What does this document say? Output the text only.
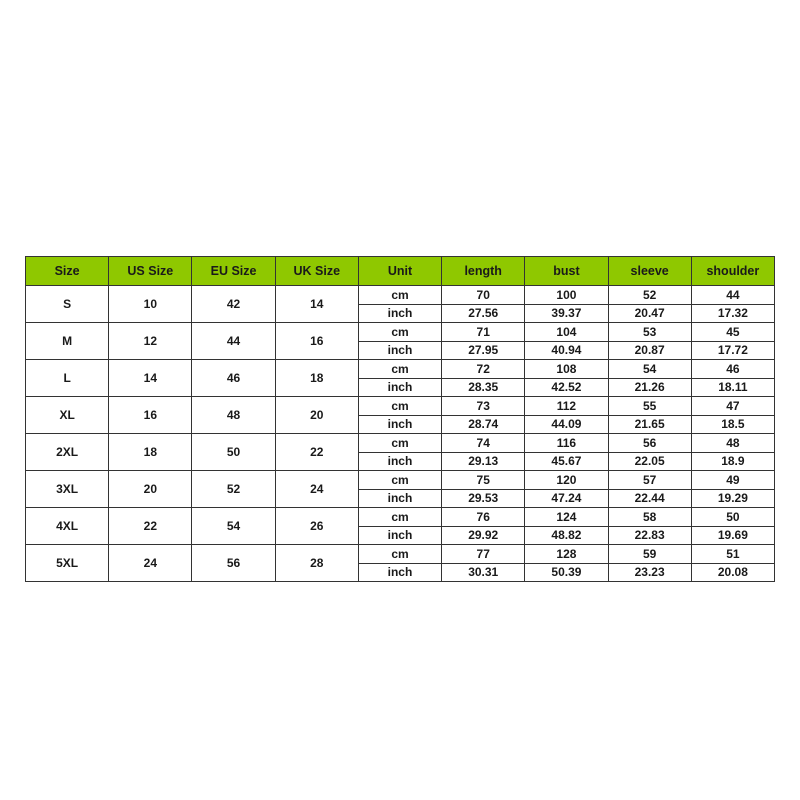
Size	US Size	EU Size	UK Size	Unit	length	bust	sleeve	shoulder
S	10	42	14	cm	70	100	52	44
				inch	27.56	39.37	20.47	17.32
M	12	44	16	cm	71	104	53	45
				inch	27.95	40.94	20.87	17.72
L	14	46	18	cm	72	108	54	46
				inch	28.35	42.52	21.26	18.11
XL	16	48	20	cm	73	112	55	47
				inch	28.74	44.09	21.65	18.5
2XL	18	50	22	cm	74	116	56	48
				inch	29.13	45.67	22.05	18.9
3XL	20	52	24	cm	75	120	57	49
				inch	29.53	47.24	22.44	19.29
4XL	22	54	26	cm	76	124	58	50
				inch	29.92	48.82	22.83	19.69
5XL	24	56	28	cm	77	128	59	51
				inch	30.31	50.39	23.23	20.08
